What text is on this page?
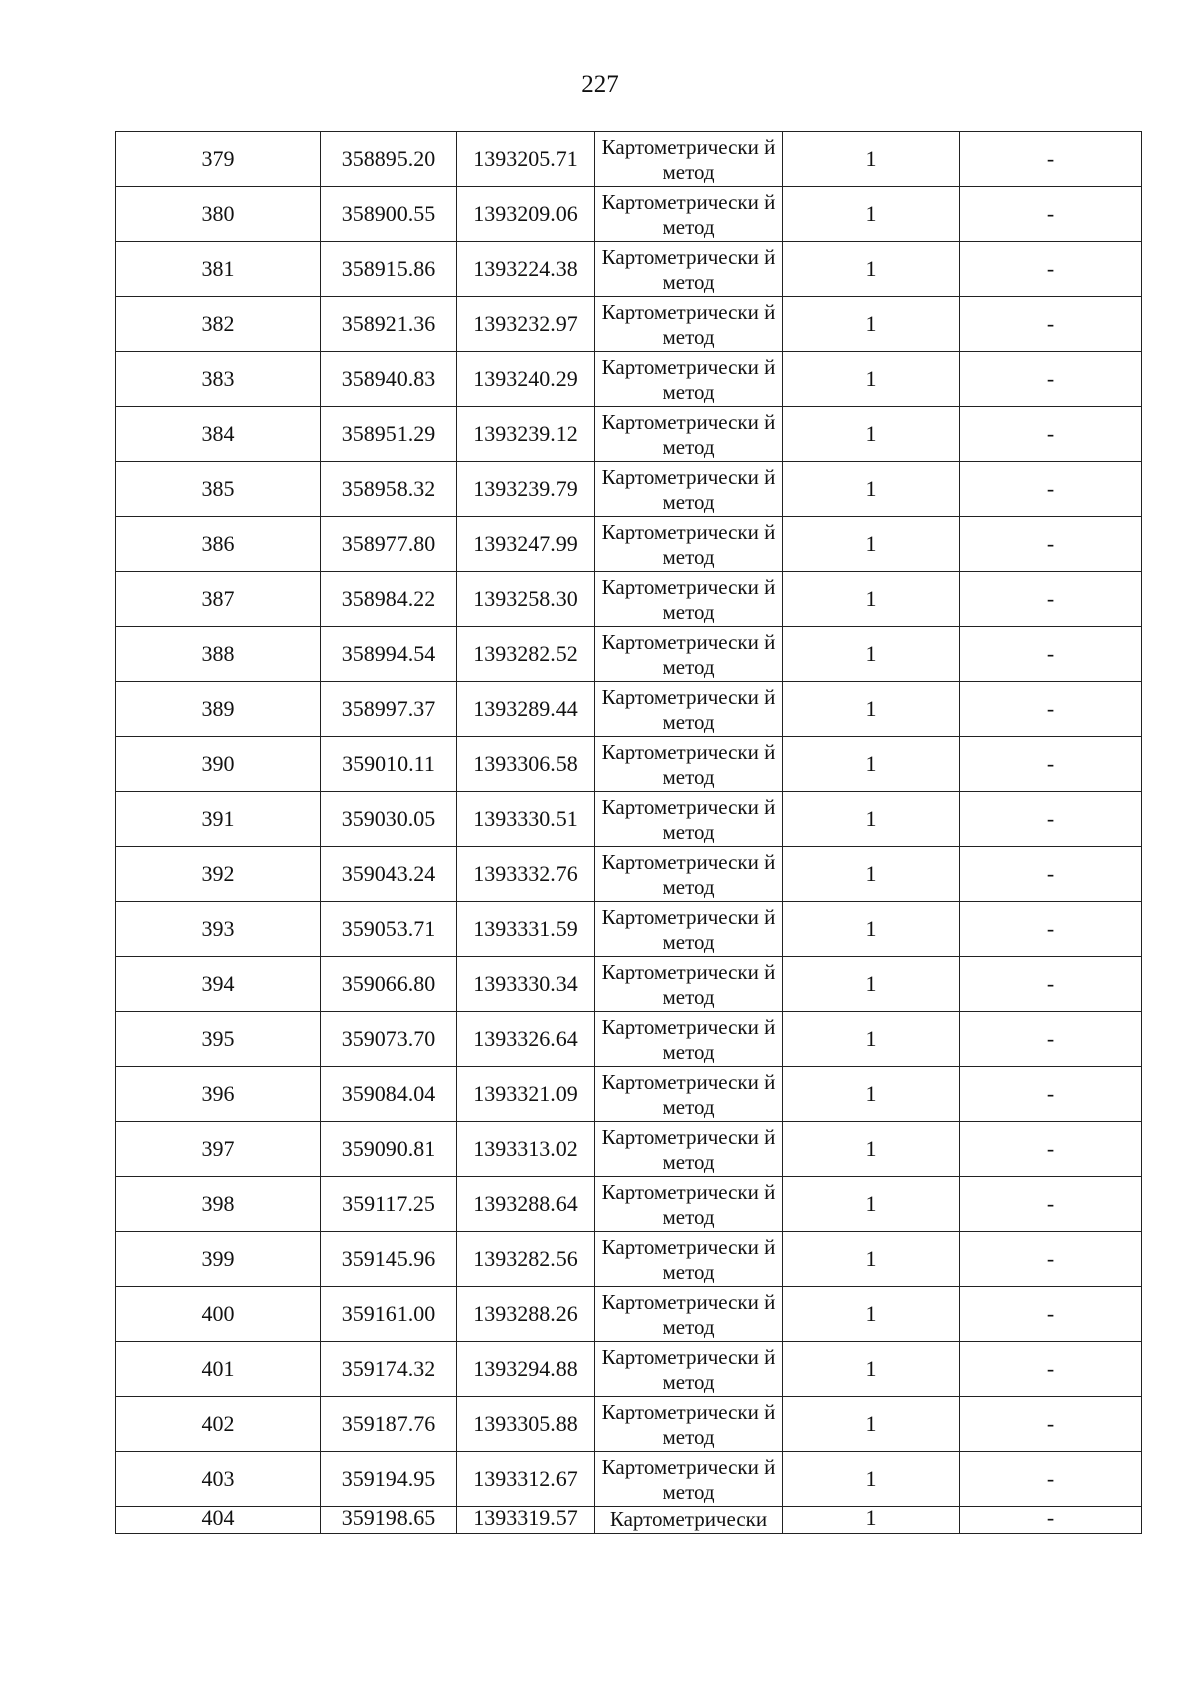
227
379	358895.20	1393205.71	Картометрически й метод	1	-
380	358900.55	1393209.06	Картометрически й метод	1	-
381	358915.86	1393224.38	Картометрически й метод	1	-
382	358921.36	1393232.97	Картометрически й метод	1	-
383	358940.83	1393240.29	Картометрически й метод	1	-
384	358951.29	1393239.12	Картометрически й метод	1	-
385	358958.32	1393239.79	Картометрически й метод	1	-
386	358977.80	1393247.99	Картометрически й метод	1	-
387	358984.22	1393258.30	Картометрически й метод	1	-
388	358994.54	1393282.52	Картометрически й метод	1	-
389	358997.37	1393289.44	Картометрически й метод	1	-
390	359010.11	1393306.58	Картометрически й метод	1	-
391	359030.05	1393330.51	Картометрически й метод	1	-
392	359043.24	1393332.76	Картометрически й метод	1	-
393	359053.71	1393331.59	Картометрически й метод	1	-
394	359066.80	1393330.34	Картометрически й метод	1	-
395	359073.70	1393326.64	Картометрически й метод	1	-
396	359084.04	1393321.09	Картометрически й метод	1	-
397	359090.81	1393313.02	Картометрически й метод	1	-
398	359117.25	1393288.64	Картометрически й метод	1	-
399	359145.96	1393282.56	Картометрически й метод	1	-
400	359161.00	1393288.26	Картометрически й метод	1	-
401	359174.32	1393294.88	Картометрически й метод	1	-
402	359187.76	1393305.88	Картометрически й метод	1	-
403	359194.95	1393312.67	Картометрически й метод	1	-
404	359198.65	1393319.57	Картометрически	1	-
